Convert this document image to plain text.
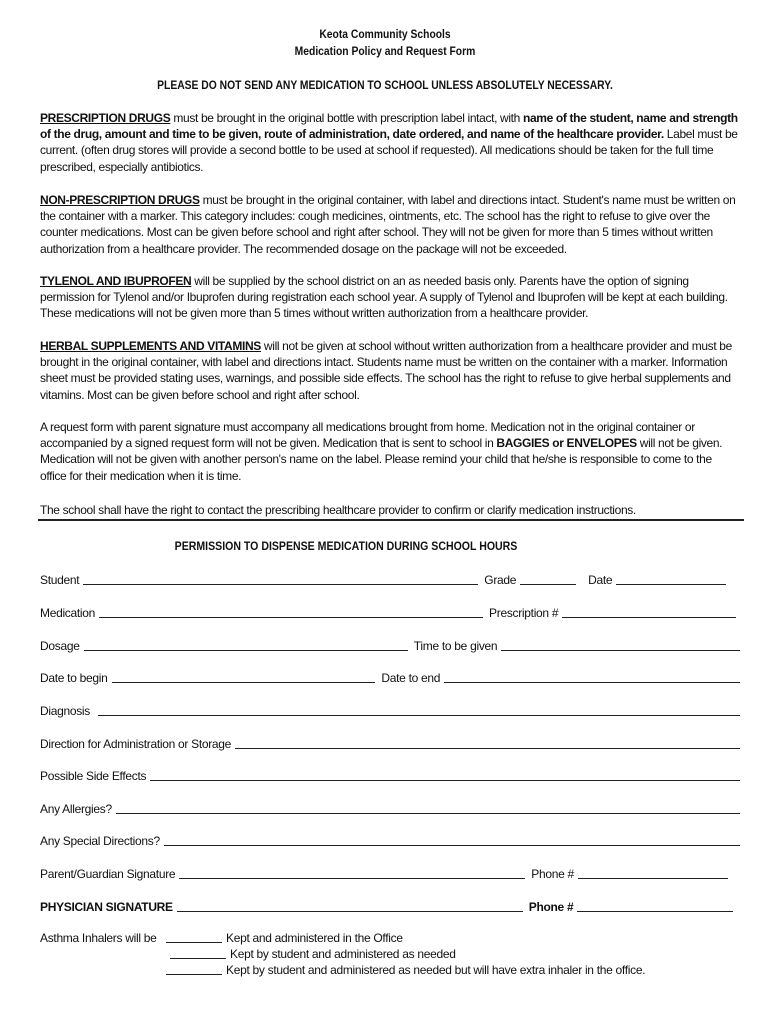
Keota Community Schools
Medication Policy and Request Form
PLEASE DO NOT SEND ANY MEDICATION TO SCHOOL UNLESS ABSOLUTELY NECESSARY.
PRESCRIPTION DRUGS must be brought in the original bottle with prescription label intact, with name of the student, name and strength of the drug, amount and time to be given, route of administration, date ordered, and name of the healthcare provider. Label must be current. (often drug stores will provide a second bottle to be used at school if requested). All medications should be taken for the full time prescribed, especially antibiotics.
NON-PRESCRIPTION DRUGS must be brought in the original container, with label and directions intact. Student's name must be written on the container with a marker. This category includes: cough medicines, ointments, etc. The school has the right to refuse to give over the counter medications. Most can be given before school and right after school. They will not be given for more than 5 times without written authorization from a healthcare provider. The recommended dosage on the package will not be exceeded.
TYLENOL AND IBUPROFEN will be supplied by the school district on an as needed basis only. Parents have the option of signing permission for Tylenol and/or Ibuprofen during registration each school year. A supply of Tylenol and Ibuprofen will be kept at each building. These medications will not be given more than 5 times without written authorization from a healthcare provider.
HERBAL SUPPLEMENTS AND VITAMINS will not be given at school without written authorization from a healthcare provider and must be brought in the original container, with label and directions intact. Students name must be written on the container with a marker. Information sheet must be provided stating uses, warnings, and possible side effects. The school has the right to refuse to give herbal supplements and vitamins. Most can be given before school and right after school.
A request form with parent signature must accompany all medications brought from home. Medication not in the original container or accompanied by a signed request form will not be given. Medication that is sent to school in BAGGIES or ENVELOPES will not be given. Medication will not be given with another person's name on the label. Please remind your child that he/she is responsible to come to the office for their medication when it is time.
The school shall have the right to contact the prescribing healthcare provider to confirm or clarify medication instructions.
PERMISSION TO DISPENSE MEDICATION DURING SCHOOL HOURS
Student	Grade	Date
Medication	Prescription #
Dosage	Time to be given
Date to begin	Date to end
Diagnosis
Direction for Administration or Storage
Possible Side Effects
Any Allergies?
Any Special Directions?
Parent/Guardian Signature	Phone #
PHYSICIAN SIGNATURE	Phone #
Asthma Inhalers will be	Kept and administered in the Office
Kept by student and administered as needed
Kept by student and administered as needed but will have extra inhaler in the office.
